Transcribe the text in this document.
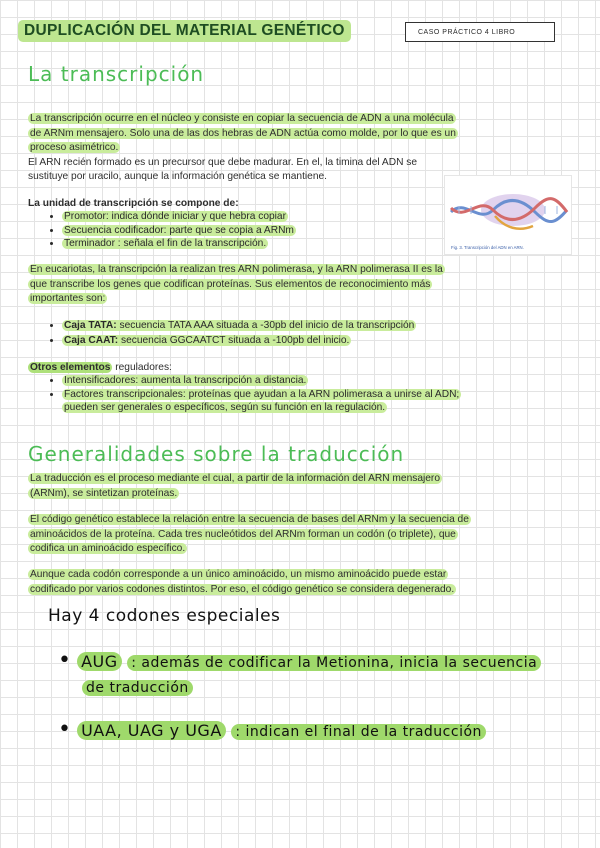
DUPLICACIÓN DEL MATERIAL GENÉTICO	CASO PRÁCTICO 4 LIBRO
La transcripción

La transcripción ocurre en el núcleo y consiste en copiar la secuencia de ADN a una molécula

de ARNm mensajero. Solo una de las dos hebras de ADN actúa como molde, por lo que es un

proceso asimétrico.

El ARN recién formado es un precursor que debe madurar. En el, la timina del ADN se

sustituye por uracilo, aunque la información genética se mantiene.

Fig. 3. Transcripción del ADN en ARN.

La unidad de transcripción se compone de:

• Promotor: indica dónde iniciar y que hebra copiar
• Secuencia codificador: parte que se copia a ARNm
• Terminador : señala el fin de la transcripción.

En eucariotas, la transcripción la realizan tres ARN polimerasa, y la ARN polimerasa II es la

que transcribe los genes que codifican proteínas. Sus elementos de reconocimiento más

importantes son:

• Caja TATA: secuencia TATA AAA situada a -30pb del inicio de la transcripción
• Caja CAAT: secuencia GGCAATCT situada a -100pb del inicio.

Otros elementos reguladores:

• Intensificadores: aumenta la transcripción a distancia.
• Factores transcripcionales: proteínas que ayudan a la ARN polimerasa a unirse al ADN;
pueden ser generales o específicos, según su función en la regulación.
Generalidades sobre la traducción

La traducción es el proceso mediante el cual, a partir de la información del ARN mensajero

(ARNm), se sintetizan proteínas.

El código genético establece la relación entre la secuencia de bases del ARNm y la secuencia de

aminoácidos de la proteína. Cada tres nucleótidos del ARNm forman un codón (o triplete), que

codifica un aminoácido específico.

Aunque cada codón corresponde a un único aminoácido, un mismo aminoácido puede estar

codificado por varios codones distintos. Por eso, el código genético se considera degenerado.

Hay 4 codones especiales
• AUG : además de codificar la Metionina, inicia la secuencia
de traducción
• UAA, UAG y UGA : indican el final de la traducción
